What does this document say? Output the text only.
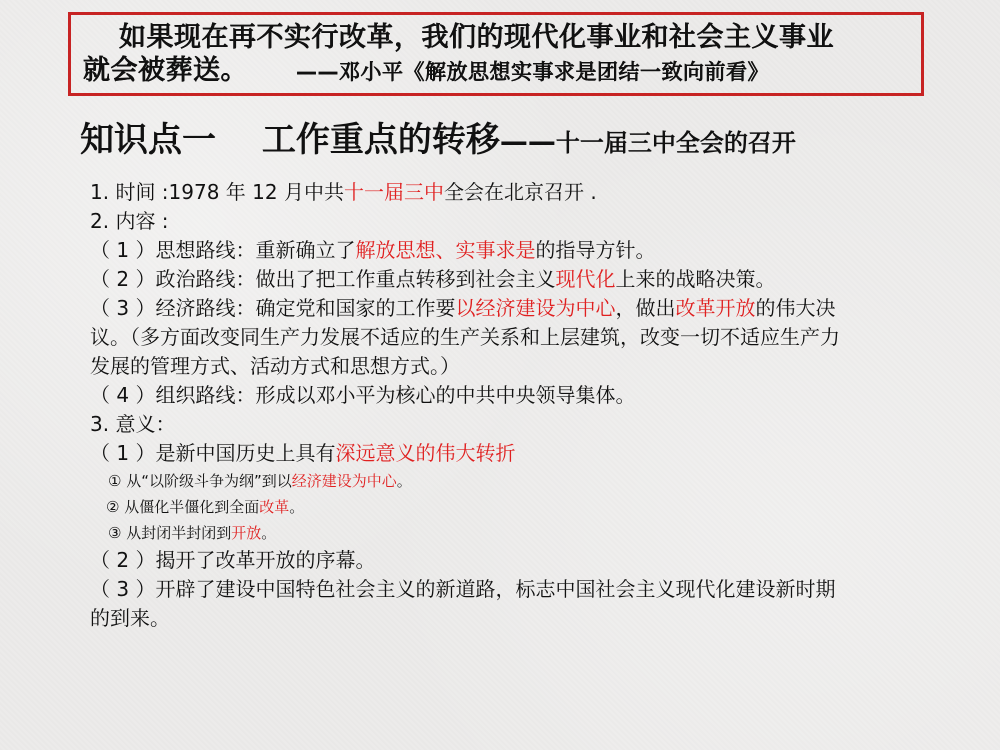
如果现在再不实行改革，我们的现代化事业和社会主义事业
就会被葬送。 ——邓小平《解放思想实事求是团结一致向前看》
知识点一　 工作重点的转移——十一届三中全会的召开
1. 时间 :1978 年 12 月中共十一届三中全会在北京召开 .
2. 内容 :
（ 1 ）思想路线：重新确立了解放思想、实事求是的指导方针。
（ 2 ）政治路线：做出了把工作重点转移到社会主义现代化上来的战略决策。
（ 3 ）经济路线：确定党和国家的工作要以经济建设为中心，做出改革开放的伟大决议。（多方面改变同生产力发展不适应的生产关系和上层建筑，改变一切不适应生产力发展的管理方式、活动方式和思想方式。）
（ 4 ）组织路线：形成以邓小平为核心的中共中央领导集体。
3. 意义：
（ 1 ）是新中国历史上具有深远意义的伟大转折
① 从“以阶级斗争为纲”到以经济建设为中心。
② 从僵化半僵化到全面改革。
③ 从封闭半封闭到开放。
（ 2 ）揭开了改革开放的序幕。
（ 3 ）开辟了建设中国特色社会主义的新道路，标志中国社会主义现代化建设新时期的到来。
